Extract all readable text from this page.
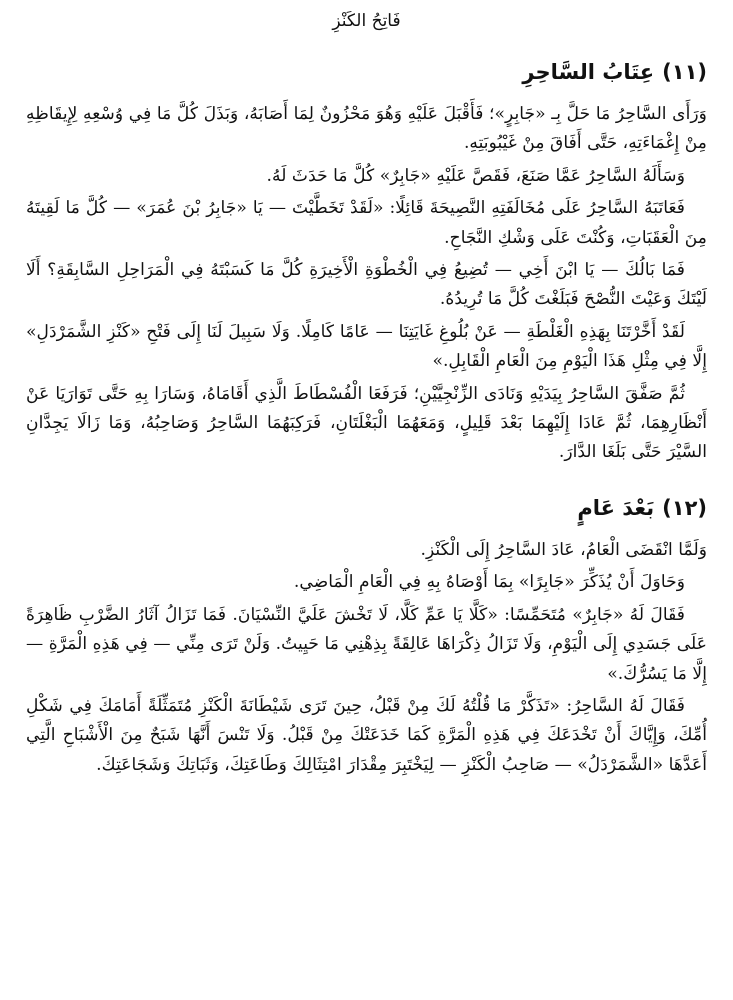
فَاتِحُ الكَنْزِ
(١١)عِتَابُ السَّاحِرِ

وَرَأَى السَّاحِرُ مَا حَلَّ بِـ «جَابِرٍ»؛ فَأَقْبَلَ عَلَيْهِ وَهُوَ مَحْزُونٌ لِمَا أَصَابَهُ، وَبَذَلَ كُلَّ مَا فِي وُسْعِهِ لِإِيقَاظِهِ مِنْ إِغْمَاءَتِهِ، حَتَّى أَفَاقَ مِنْ غَيْبُوبَتِهِ.

وَسَأَلَهُ السَّاحِرُ عَمَّا صَنَعَ، فَقَصَّ عَلَيْهِ «جَابِرٌ» كُلَّ مَا حَدَثَ لَهُ.

فَعَاتَبَهُ السَّاحِرُ عَلَى مُخَالَفَتِهِ النَّصِيحَةَ قَائِلًا: «لَقَدْ تَخَطَّيْتَ — يَا «جَابِرُ بْنَ عُمَرَ» — كُلَّ مَا لَقِيتَهُ مِنَ الْعَقَبَاتِ، وَكُنْتَ عَلَى وَشْكِ النَّجَاحِ.

فَمَا بَالُكَ — يَا ابْنَ أَخِي — تُضِيعُ فِي الْخُطْوَةِ الْأَخِيرَةِ كُلَّ مَا كَسَبْتَهُ فِي الْمَرَاحِلِ السَّابِقَةِ؟ أَلَا لَيْتَكَ وَعَيْتَ النُّصْحَ فَبَلَغْتَ كُلَّ مَا تُرِيدُهُ.

لَقَدْ أَخَّرْتَنَا بِهَذِهِ الْغَلْطَةِ — عَنْ بُلُوغِ غَايَتِنَا — عَامًا كَامِلًا. وَلَا سَبِيلَ لَنَا إِلَى فَتْحِ «كَنْزِ الشَّمَرْدَلِ» إِلَّا فِي مِثْلِ هَذَا الْيَوْمِ مِنَ الْعَامِ الْقَابِلِ.»

ثُمَّ صَفَّقَ السَّاحِرُ بِيَدَيْهِ وَنَادَى الزِّنْجِيَّيْنِ؛ فَرَفَعَا الْفُسْطَاطَ الَّذِي أَقَامَاهُ، وَسَارَا بِهِ حَتَّى تَوَارَيَا عَنْ أَنْظَارِهِمَا، ثُمَّ عَادَا إِلَيْهِمَا بَعْدَ قَلِيلٍ، وَمَعَهُمَا الْبَغْلَتَانِ، فَرَكِبَهُمَا السَّاحِرُ وَصَاحِبُهُ، وَمَا زَالَا يَجِدَّانِ السَّيْرَ حَتَّى بَلَغَا الدَّارَ.

(١٢)بَعْدَ عَامٍ

وَلَمَّا انْقَضَى الْعَامُ، عَادَ السَّاحِرُ إِلَى الْكَنْزِ.

وَحَاوَلَ أَنْ يُذَكِّرَ «جَابِرًا» بِمَا أَوْصَاهُ بِهِ فِي الْعَامِ الْمَاضِي.

فَقَالَ لَهُ «جَابِرٌ» مُتَحَمِّسًا: «كَلَّا يَا عَمِّ كَلَّا، لَا تَخْشَ عَلَيَّ النِّسْيَانَ. فَمَا تَزَالُ آثَارُ الضَّرْبِ ظَاهِرَةً عَلَى جَسَدِي إِلَى الْيَوْمِ، وَلَا تَزَالُ ذِكْرَاهَا عَالِقَةً بِذِهْنِي مَا حَيِيتُ. وَلَنْ تَرَى مِنِّي — فِي هَذِهِ الْمَرَّةِ — إِلَّا مَا يَسُرُّكَ.»

فَقَالَ لَهُ السَّاحِرُ: «تَذَكَّرْ مَا قُلْتُهُ لَكَ مِنْ قَبْلُ، حِينَ تَرَى شَيْطَانَةَ الْكَنْزِ مُتَمَثِّلَةً أَمَامَكَ فِي شَكْلِ أُمِّكَ، وَإِيَّاكَ أَنْ تَخْدَعَكَ فِي هَذِهِ الْمَرَّةِ كَمَا خَدَعَتْكَ مِنْ قَبْلُ. وَلَا تَنْسَ أَنَّهَا شَبَحٌ مِنَ الْأَشْبَاحِ الَّتِي أَعَدَّهَا «الشَّمَرْدَلُ» — صَاحِبُ الْكَنْزِ — لِيَخْتَبِرَ مِقْدَارَ امْتِثَالِكَ وَطَاعَتِكَ، وَثَبَاتِكَ وَشَجَاعَتِكَ.
